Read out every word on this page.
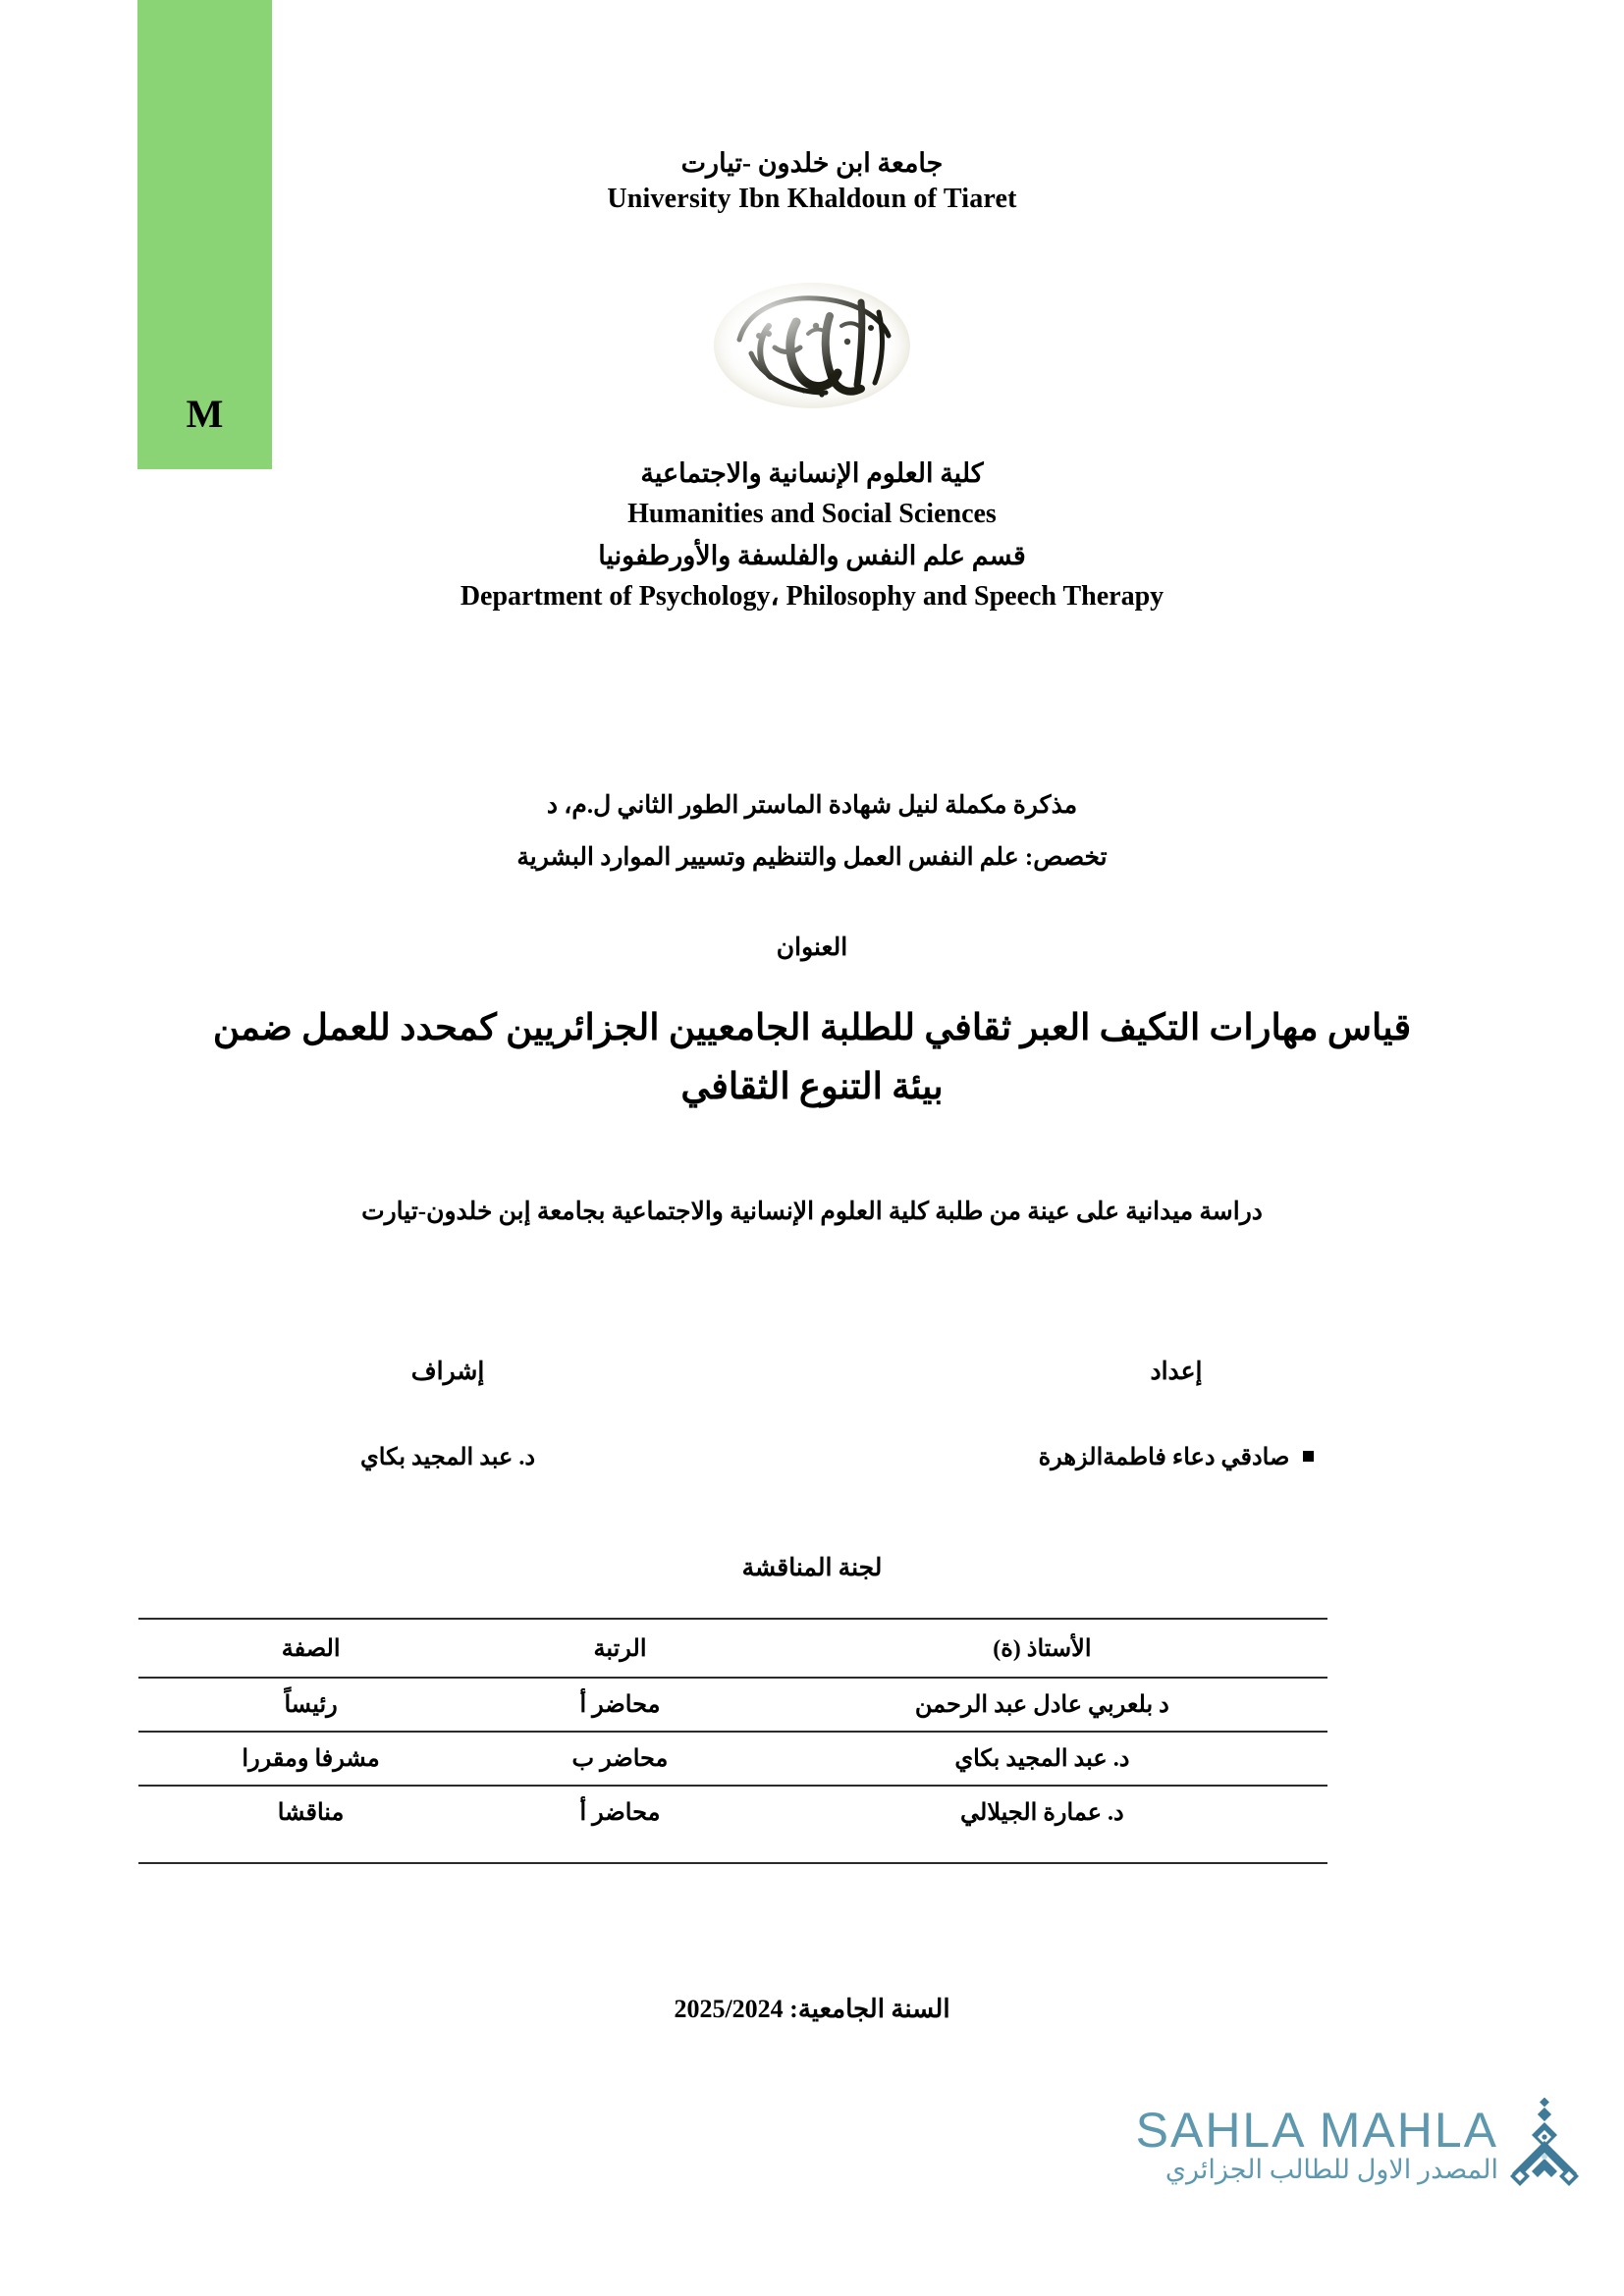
M
جامعة ابن خلدون -تيارت
University Ibn Khaldoun of Tiaret
كلية العلوم الإنسانية والاجتماعية
Humanities and Social Sciences
قسم علم النفس والفلسفة والأورطفونيا
Department of Psychology، Philosophy and Speech Therapy
مذكرة مكملة لنيل شهادة الماستر الطور الثاني ل.م، د
تخصص: علم النفس العمل والتنظيم وتسيير الموارد البشرية
العنوان
قياس مهارات التكيف العبر ثقافي للطلبة الجامعيين الجزائريين كمحدد للعمل ضمن بيئة التنوع الثقافي
دراسة ميدانية على عينة من طلبة كلية العلوم الإنسانية والاجتماعية بجامعة إبن خلدون-تيارت
إعداد
صادقي دعاء فاطمةالزهرة
إشراف
د. عبد المجيد بكاي
لجنة المناقشة
الأستاذ (ة)	الرتبة	الصفة
د بلعربي عادل عبد الرحمن	محاضر أ	رئيساً
د. عبد المجيد بكاي	محاضر ب	مشرفا ومقررا
د. عمارة الجيلالي	محاضر أ	مناقشا

السنة الجامعية: 2025/2024
SAHLA MAHLA
المصدر الاول للطالب الجزائري
